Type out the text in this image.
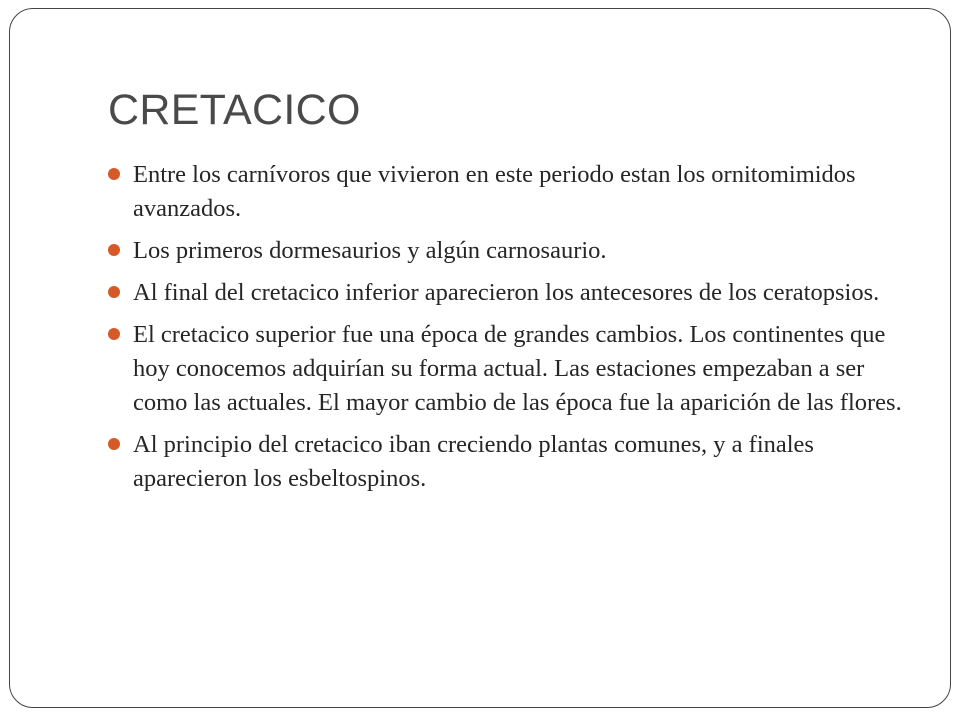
CRETACICO
Entre los carnívoros que vivieron en este periodo estan los ornitomimidos avanzados.
Los primeros dormesaurios y algún carnosaurio.
Al final del cretacico inferior aparecieron los antecesores de los ceratopsios.
El cretacico superior fue una época de grandes cambios. Los continentes que hoy conocemos adquirían su forma actual. Las estaciones empezaban a ser como las actuales. El mayor cambio de las época fue la aparición de las flores.
Al principio del cretacico iban creciendo plantas comunes, y a finales aparecieron los esbeltospinos.
